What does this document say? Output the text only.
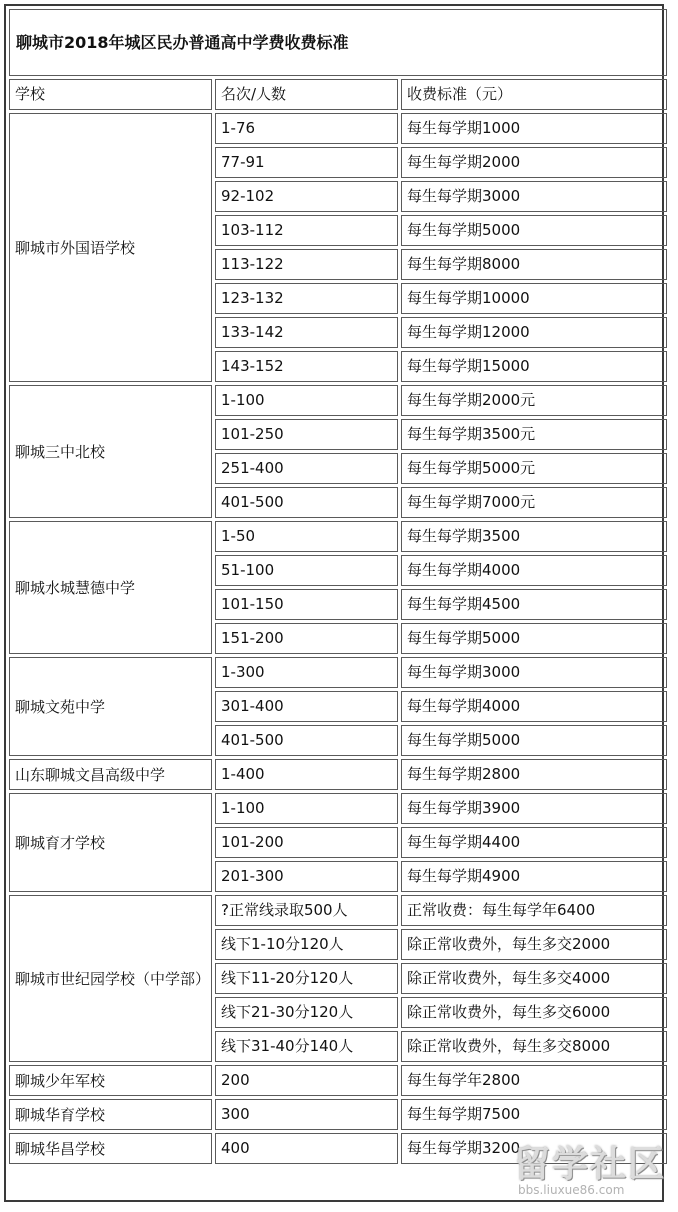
聊城市2018年城区民办普通高中学费收费标准		
学校	名次/人数	收费标准（元）
聊城市外国语学校	1-76	每生每学期1000
	77-91	每生每学期2000
	92-102	每生每学期3000
	103-112	每生每学期5000
	113-122	每生每学期8000
	123-132	每生每学期10000
	133-142	每生每学期12000
	143-152	每生每学期15000
聊城三中北校	1-100	每生每学期2000元
	101-250	每生每学期3500元
	251-400	每生每学期5000元
	401-500	每生每学期7000元
聊城水城慧德中学	1-50	每生每学期3500
	51-100	每生每学期4000
	101-150	每生每学期4500
	151-200	每生每学期5000
聊城文苑中学	1-300	每生每学期3000
	301-400	每生每学期4000
	401-500	每生每学期5000
山东聊城文昌高级中学	1-400	每生每学期2800
聊城育才学校	1-100	每生每学期3900
	101-200	每生每学期4400
	201-300	每生每学期4900
聊城市世纪园学校（中学部）	?正常线录取500人	正常收费：每生每学年6400
	线下1-10分120人	除正常收费外，每生多交2000
	线下11-20分120人	除正常收费外，每生多交4000
	线下21-30分120人	除正常收费外，每生多交6000
	线下31-40分140人	除正常收费外，每生多交8000
聊城少年军校	200	每生每学年2800
聊城华育学校	300	每生每学期7500
聊城华昌学校	400	每生每学期3200
留学社区
bbs.liuxue86.com
